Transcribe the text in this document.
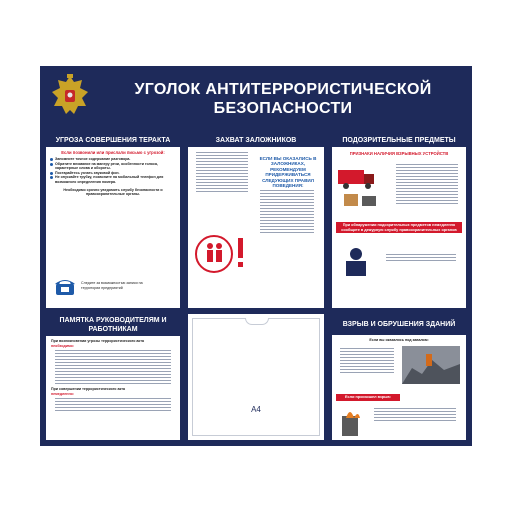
УГОЛОК АНТИТЕРРОРИСТИЧЕСКОЙ БЕЗОПАСНОСТИ
УГРОЗА СОВЕРШЕНИЯ ТЕРАКТА
Если позвонили или прислали письмо с угрозой:
Запомните точное содержание разговора.
Обратите внимание на манеру речи, особенности голоса, характерные слова и обороты.
Постарайтесь узнать звуковой фон.
Не опускайте трубку, позвоните на мобильный телефон для возможного определения номера.
Необходимо срочно уведомить службу безопасности и правоохранительные органы.
Следите за возможностью записи на территории предприятий
ЗАХВАТ ЗАЛОЖНИКОВ
ЕСЛИ ВЫ ОКАЗАЛИСЬ В ЗАЛОЖНИКАХ, РЕКОМЕНДУЕМ ПРИДЕРЖИВАТЬСЯ СЛЕДУЮЩИХ ПРАВИЛ ПОВЕДЕНИЯ:
ПОДОЗРИТЕЛЬНЫЕ ПРЕДМЕТЫ
ПРИЗНАКИ НАЛИЧИЯ ВЗРЫВНЫХ УСТРОЙСТВ
При обнаружении подозрительных предметов немедленно сообщите в дежурную службу правоохранительных органов
ПАМЯТКА РУКОВОДИТЕЛЯМ И РАБОТНИКАМ
При возникновении угрозы террористического акта
необходимо:
При совершении террористического акта
немедленно:
А4
ВЗРЫВ И ОБРУШЕНИЯ ЗДАНИЙ
Если вы оказались под завалом:
Если произошел взрыв:
